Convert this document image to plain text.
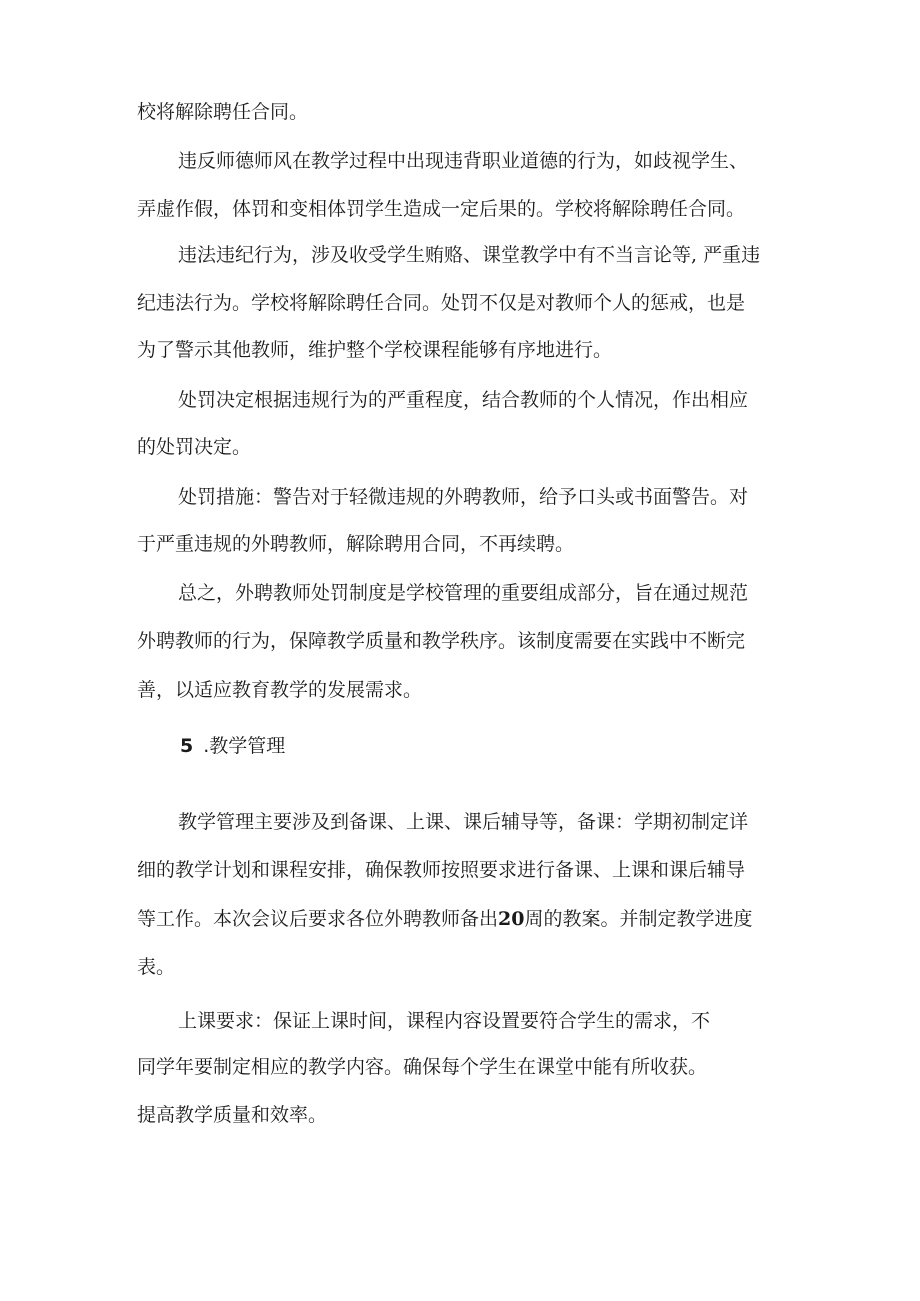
校将解除聘任合同。
违反师德师风在教学过程中出现违背职业道德的行为，如歧视学生、
弄虚作假，体罚和变相体罚学生造成一定后果的。学校将解除聘任合同。
违法违纪行为，涉及收受学生贿赂、课堂教学中有不当言论等, 严重违
纪违法行为。学校将解除聘任合同。处罚不仅是对教师个人的惩戒，也是
为了警示其他教师，维护整个学校课程能够有序地进行。
处罚决定根据违规行为的严重程度，结合教师的个人情况，作出相应
的处罚决定。
处罚措施：警告对于轻微违规的外聘教师，给予口头或书面警告。对
于严重违规的外聘教师，解除聘用合同，不再续聘。
总之，外聘教师处罚制度是学校管理的重要组成部分，旨在通过规范
外聘教师的行为，保障教学质量和教学秩序。该制度需要在实践中不断完
善，以适应教育教学的发展需求。
5 .教学管理
教学管理主要涉及到备课、上课、课后辅导等，备课：学期初制定详
细的教学计划和课程安排，确保教师按照要求进行备课、上课和课后辅导
等工作。本次会议后要求各位外聘教师备出20周的教案。并制定教学进度
表。
上课要求：保证上课时间，课程内容设置要符合学生的需求，不
同学年要制定相应的教学内容。确保每个学生在课堂中能有所收获。
提高教学质量和效率。
